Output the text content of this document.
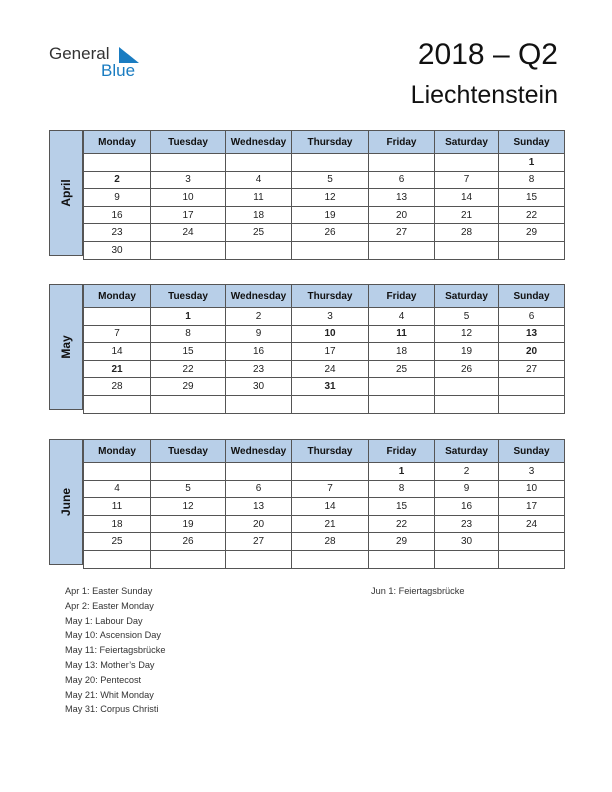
General
Blue	2018 – Q2
Liechtenstein
April
Monday	Tuesday	Wednesday	Thursday	Friday	Saturday	Sunday
						1
2	3	4	5	6	7	8
9	10	11	12	13	14	15
16	17	18	19	20	21	22
23	24	25	26	27	28	29
30						
May
Monday	Tuesday	Wednesday	Thursday	Friday	Saturday	Sunday
	1	2	3	4	5	6
7	8	9	10	11	12	13
14	15	16	17	18	19	20
21	22	23	24	25	26	27
28	29	30	31			

June
Monday	Tuesday	Wednesday	Thursday	Friday	Saturday	Sunday
				1	2	3
4	5	6	7	8	9	10
11	12	13	14	15	16	17
18	19	20	21	22	23	24
25	26	27	28	29	30	

Apr 1: Easter Sunday
Apr 2: Easter Monday
May 1: Labour Day
May 10: Ascension Day
May 11: Feiertagsbrücke
May 13: Mother’s Day
May 20: Pentecost
May 21: Whit Monday
May 31: Corpus Christi
Jun 1: Feiertagsbrücke
